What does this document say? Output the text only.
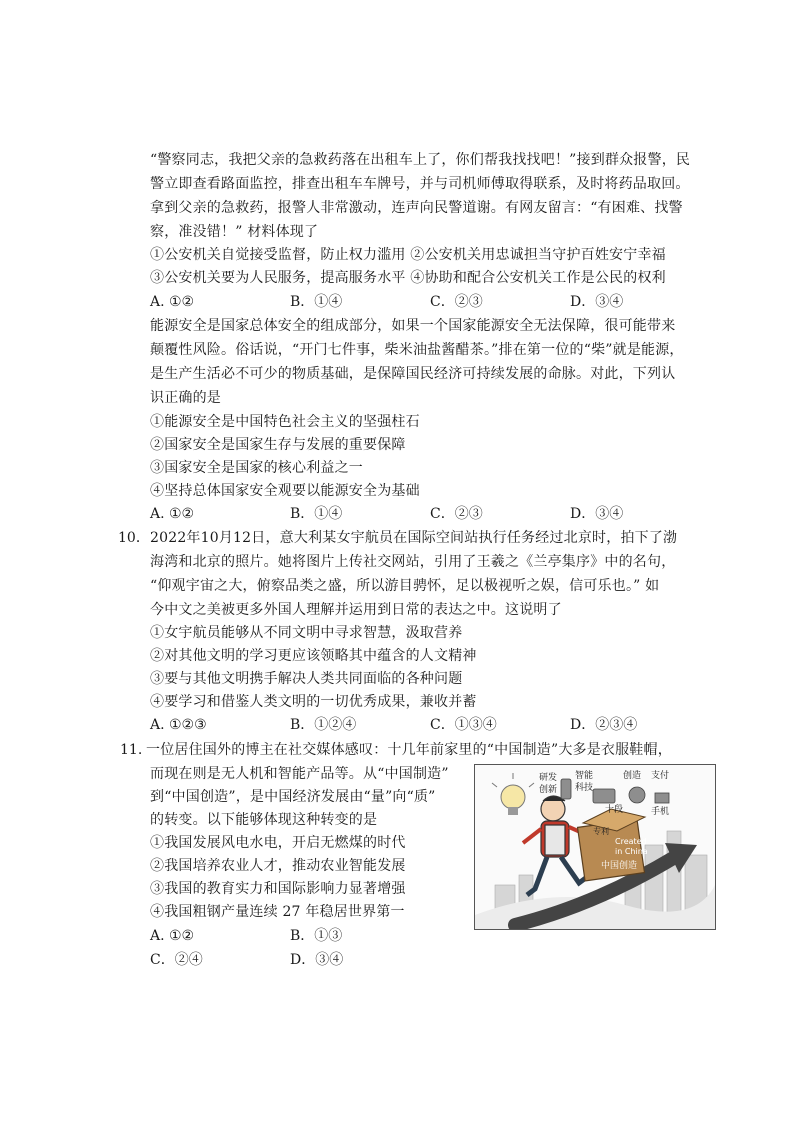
“警察同志，我把父亲的急救药落在出租车上了，你们帮我找找吧！”接到群众报警，民
警立即查看路面监控，排查出租车车牌号，并与司机师傅取得联系，及时将药品取回。
拿到父亲的急救药，报警人非常激动，连声向民警道谢。有网友留言：“有困难、找警
察，准没错！” 材料体现了
①公安机关自觉接受监督，防止权力滥用 ②公安机关用忠诚担当守护百姓安宁幸福
③公安机关要为人民服务，提高服务水平 ④协助和配合公安机关工作是公民的权利
A. ①②	B．①④	C．②③	D．③④
能源安全是国家总体安全的组成部分，如果一个国家能源安全无法保障，很可能带来
颠覆性风险。俗话说，“开门七件事，柴米油盐酱醋茶。”排在第一位的“柴”就是能源，
是生产生活必不可少的物质基础，是保障国民经济可持续发展的命脉。对此，下列认
识正确的是
①能源安全是中国特色社会主义的坚强柱石
②国家安全是国家生存与发展的重要保障
③国家安全是国家的核心利益之一
④坚持总体国家安全观要以能源安全为基础
A. ①②	B．①④	C．②③	D．③④
10． 2022年10月12日，意大利某女宇航员在国际空间站执行任务经过北京时，拍下了渤
海湾和北京的照片。她将图片上传社交网站，引用了王羲之《兰亭集序》中的名句，
“仰观宇宙之大，俯察品类之盛，所以游目骋怀，足以极视听之娱，信可乐也。” 如
今中文之美被更多外国人理解并运用到日常的表达之中。这说明了
①女宇航员能够从不同文明中寻求智慧，汲取营养
②对其他文明的学习更应该领略其中蕴含的人文精神
③要与其他文明携手解决人类共同面临的各种问题
④要学习和借鉴人类文明的一切优秀成果，兼收并蓄
A. ①②③	B．①②④	C．①③④	D．②③④
11. 一位居住国外的博主在社交媒体感叹：十几年前家里的“中国制造”大多是衣服鞋帽，
而现在则是无人机和智能产品等。从“中国制造”
到“中国创造”，是中国经济发展由“量”向“质”
的转变。以下能够体现这种转变的是
①我国发展风电水电，开启无燃煤的时代
②我国培养农业人才，推动农业智能发展
③我国的教育实力和国际影响力显著增强
④我国粗钢产量连续 27 年稳居世界第一
A. ①②	B．①③
C．②④	D．③④
研发 智能
创新 科技
创造 支付
十段	手机
专利
Created
in China
中国创造
